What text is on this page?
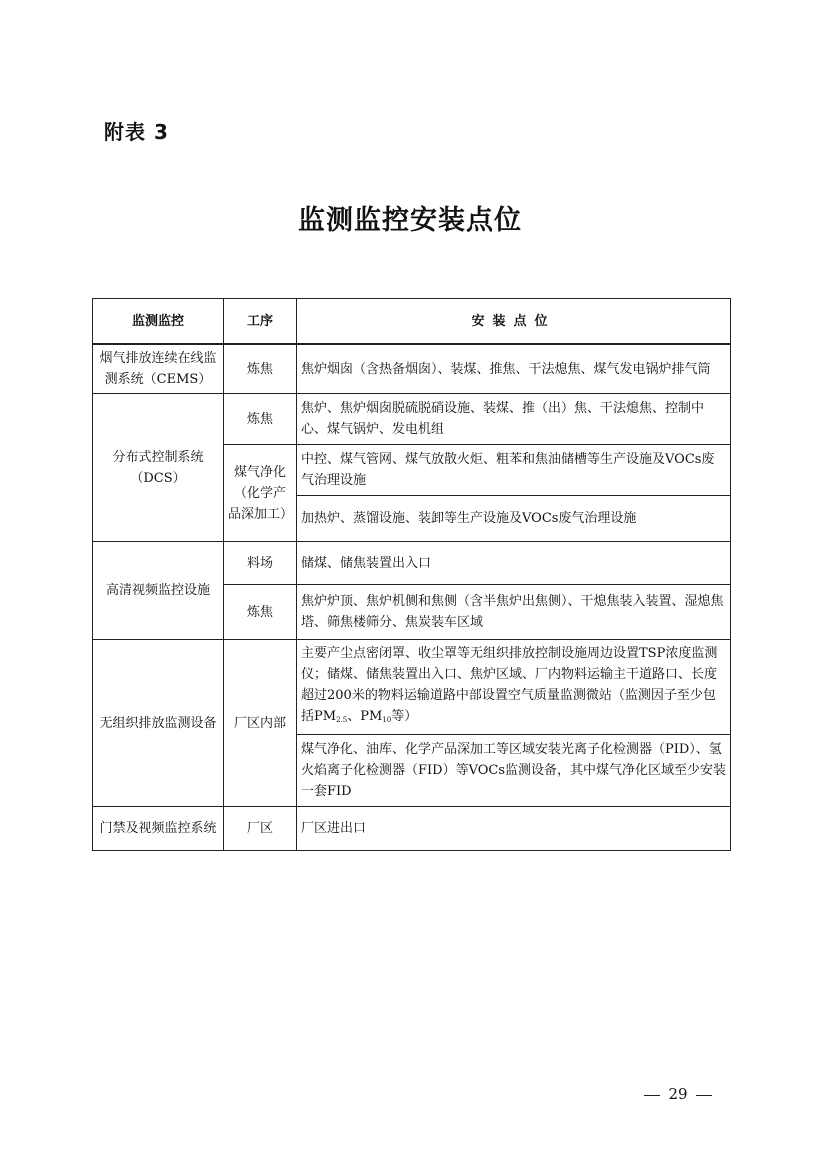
附表 3
监测监控安装点位
监测监控	工序	安装点位
烟气排放连续在线监测系统（CEMS）	炼焦	焦炉烟囱（含热备烟囱）、装煤、推焦、干法熄焦、煤气发电锅炉排气筒
分布式控制系统（DCS）	炼焦	焦炉、焦炉烟囱脱硫脱硝设施、装煤、推（出）焦、干法熄焦、控制中心、煤气锅炉、发电机组
	煤气净化（化学产品深加工）	中控、煤气管网、煤气放散火炬、粗苯和焦油储槽等生产设施及VOCs废气治理设施
		加热炉、蒸馏设施、装卸等生产设施及VOCs废气治理设施
高清视频监控设施	料场	储煤、储焦装置出入口
	炼焦	焦炉炉顶、焦炉机侧和焦侧（含半焦炉出焦侧）、干熄焦装入装置、湿熄焦塔、筛焦楼筛分、焦炭装车区域
无组织排放监测设备	厂区内部	主要产尘点密闭罩、收尘罩等无组织排放控制设施周边设置TSP浓度监测仪；储煤、储焦装置出入口、焦炉区域、厂内物料运输主干道路口、长度超过200米的物料运输道路中部设置空气质量监测微站（监测因子至少包括$PM_{2.5}$、$PM_{10}$等）
		煤气净化、油库、化学产品深加工等区域安装光离子化检测器（PID）、氢火焰离子化检测器（FID）等VOCs监测设备，其中煤气净化区域至少安装一套FID
门禁及视频监控系统	厂区	厂区进出口
29
